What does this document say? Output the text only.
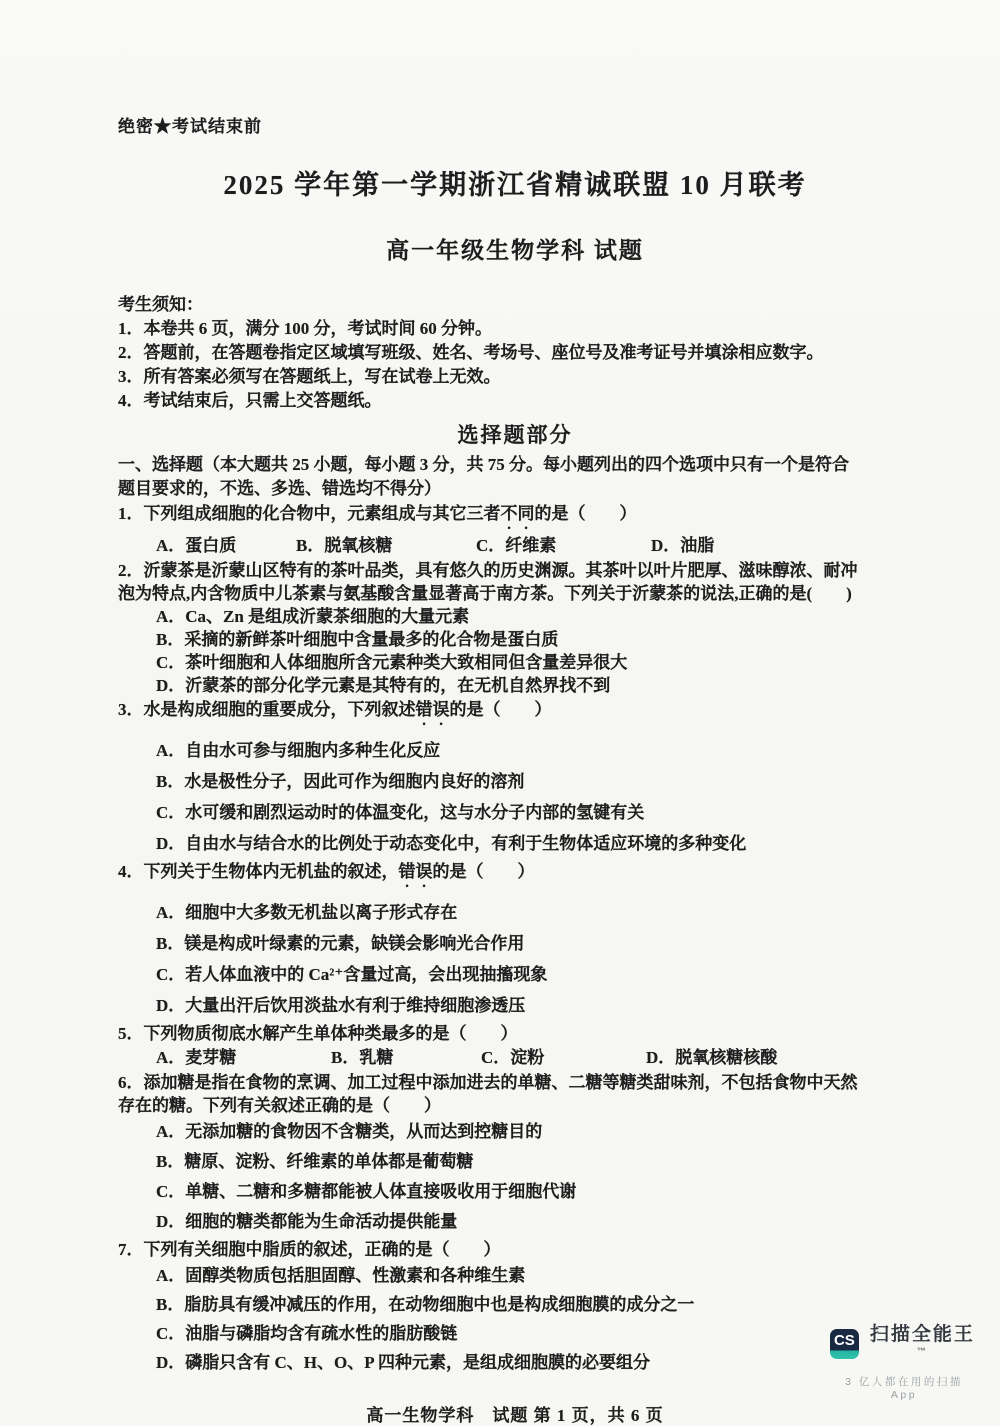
绝密★考试结束前
2025 学年第一学期浙江省精诚联盟 10 月联考
高一年级生物学科 试题
考生须知：
1．本卷共 6 页，满分 100 分，考试时间 60 分钟。
2．答题前，在答题卷指定区域填写班级、姓名、考场号、座位号及准考证号并填涂相应数字。
3．所有答案必须写在答题纸上，写在试卷上无效。
4．考试结束后，只需上交答题纸。
选择题部分
一、选择题（本大题共 25 小题，每小题 3 分，共 75 分。每小题列出的四个选项中只有一个是符合
题目要求的，不选、多选、错选均不得分）
1．下列组成细胞的化合物中，元素组成与其它三者不同的是（　　）
A．蛋白质	B．脱氧核糖	C．纤维素	D．油脂
2．沂蒙茶是沂蒙山区特有的茶叶品类，具有悠久的历史渊源。其茶叶以叶片肥厚、滋味醇浓、耐冲
泡为特点,内含物质中儿茶素与氨基酸含量显著高于南方茶。下列关于沂蒙茶的说法,正确的是(　　)
A．Ca、Zn 是组成沂蒙茶细胞的大量元素
B．采摘的新鲜茶叶细胞中含量最多的化合物是蛋白质
C．茶叶细胞和人体细胞所含元素种类大致相同但含量差异很大
D．沂蒙茶的部分化学元素是其特有的，在无机自然界找不到
3．水是构成细胞的重要成分，下列叙述错误的是（　　）
A．自由水可参与细胞内多种生化反应
B．水是极性分子，因此可作为细胞内良好的溶剂
C．水可缓和剧烈运动时的体温变化，这与水分子内部的氢键有关
D．自由水与结合水的比例处于动态变化中，有利于生物体适应环境的多种变化
4．下列关于生物体内无机盐的叙述，错误的是（　　）
A．细胞中大多数无机盐以离子形式存在
B．镁是构成叶绿素的元素，缺镁会影响光合作用
C．若人体血液中的 Ca²⁺含量过高，会出现抽搐现象
D．大量出汗后饮用淡盐水有利于维持细胞渗透压
5．下列物质彻底水解产生单体种类最多的是（　　）
A．麦芽糖	B．乳糖	C．淀粉	D．脱氧核糖核酸
6．添加糖是指在食物的烹调、加工过程中添加进去的单糖、二糖等糖类甜味剂，不包括食物中天然
存在的糖。下列有关叙述正确的是（　　）
A．无添加糖的食物因不含糖类，从而达到控糖目的
B．糖原、淀粉、纤维素的单体都是葡萄糖
C．单糖、二糖和多糖都能被人体直接吸收用于细胞代谢
D．细胞的糖类都能为生命活动提供能量
7．下列有关细胞中脂质的叙述，正确的是（　　）
A．固醇类物质包括胆固醇、性激素和各种维生素
B．脂肪具有缓冲减压的作用，在动物细胞中也是构成细胞膜的成分之一
C．油脂与磷脂均含有疏水性的脂肪酸链
D．磷脂只含有 C、H、O、P 四种元素，是组成细胞膜的必要组分
高一生物学科　试题 第 1 页，共 6 页
CS 扫描全能王™
3 亿人都在用的扫描 App
